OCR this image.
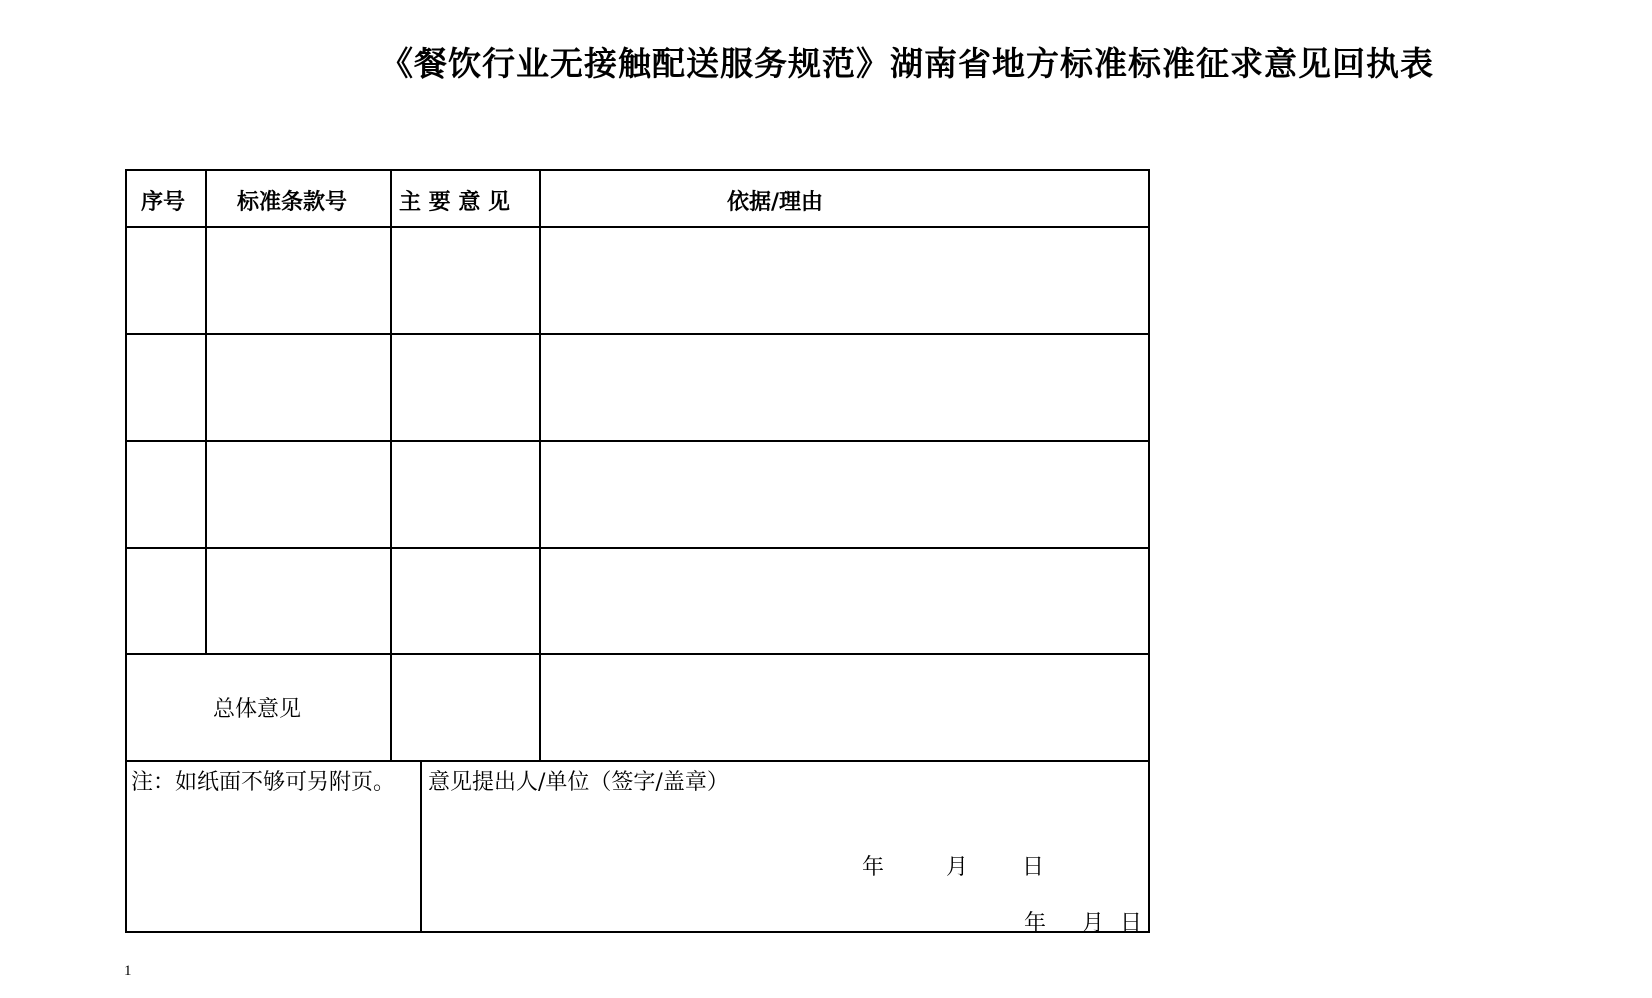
《餐饮行业无接触配送服务规范》湖南省地方标准标准征求意见回执表
序号 标准条款号 主 要 意 见	依据/理由
总体意见
注：如纸面不够可另附页。 意见提出人/单位（签字/盖章）
年	月 日
年 月 日
1
